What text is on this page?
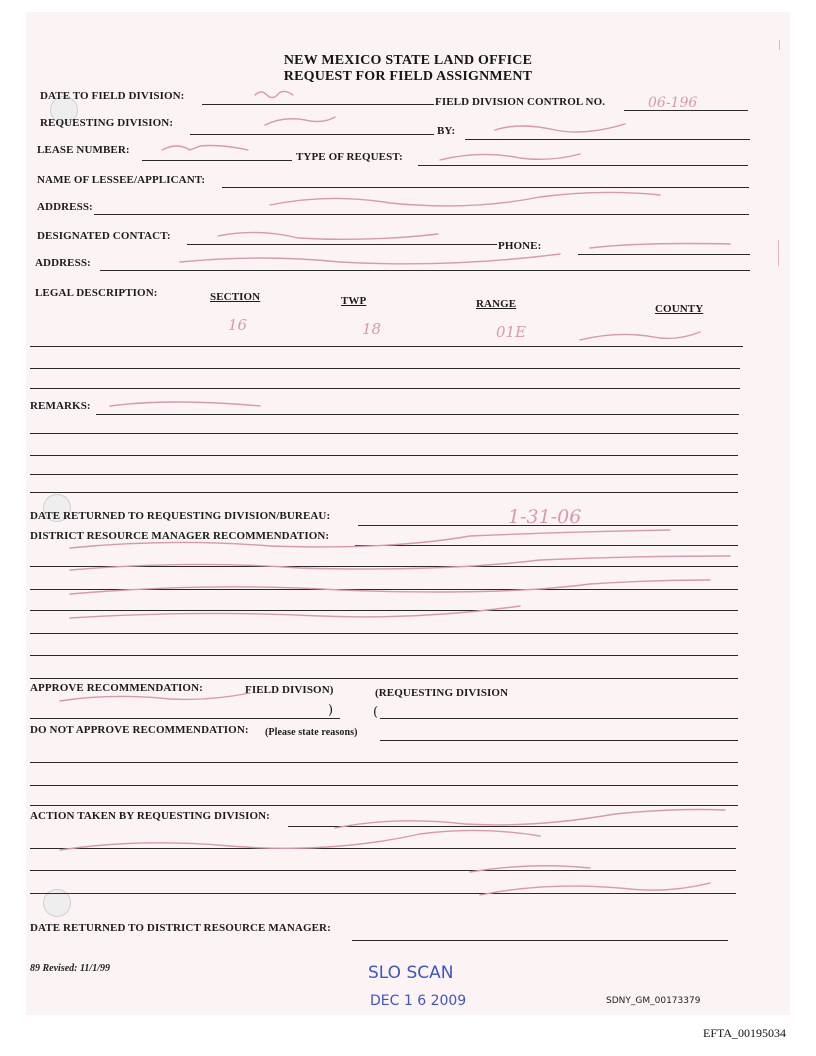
NEW MEXICO STATE LAND OFFICE
REQUEST FOR FIELD ASSIGNMENT
DATE TO FIELD DIVISION:	FIELD DIVISION CONTROL NO.	06-196
REQUESTING DIVISION:
BY:
LEASE NUMBER:
TYPE OF REQUEST:
NAME OF LESSEE/APPLICANT:
ADDRESS:
DESIGNATED CONTACT:
PHONE:
ADDRESS:
LEGAL DESCRIPTION:	SECTION	TWP	RANGE	COUNTY
16	18	01E
REMARKS:
DATE RETURNED TO REQUESTING DIVISION/BUREAU:	1-31-06
DISTRICT RESOURCE MANAGER RECOMMENDATION:
APPROVE RECOMMENDATION:	FIELD DIVISON)	(REQUESTING DIVISION
)	(
DO NOT APPROVE RECOMMENDATION: (Please state reasons)
ACTION TAKEN BY REQUESTING DIVISION:
DATE RETURNED TO DISTRICT RESOURCE MANAGER:
89 Revised: 11/1/99	SLO SCAN
DEC 1 6 2009	SDNY_GM_00173379
EFTA_00195034
